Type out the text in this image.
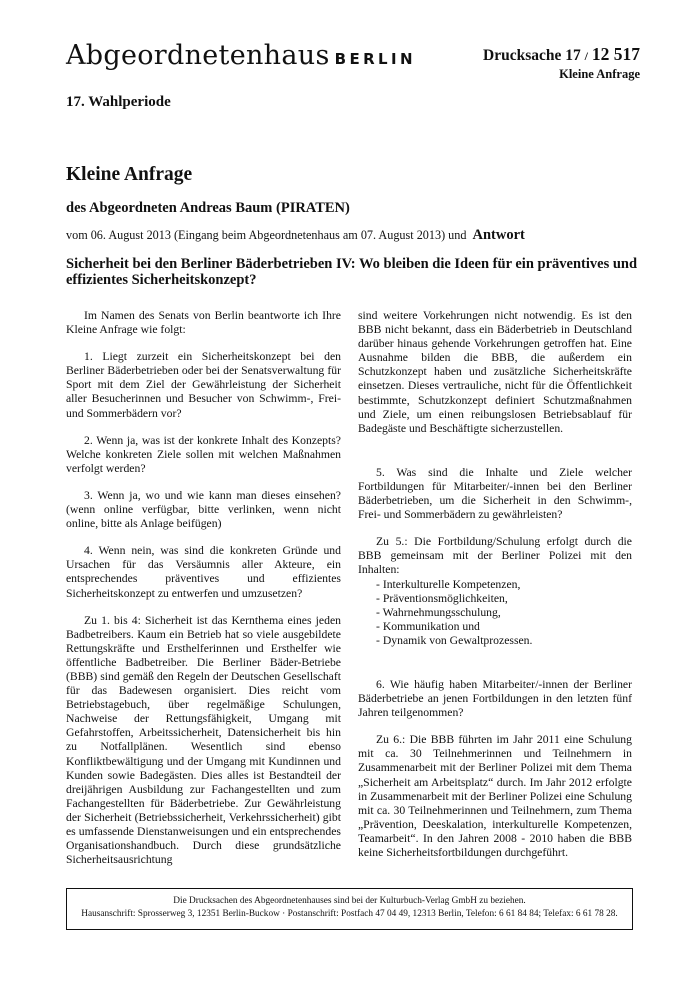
Abgeordnetenhaus BERLIN	Drucksache 17 / 12 517
Kleine Anfrage
17. Wahlperiode
Kleine Anfrage
des Abgeordneten Andreas Baum (PIRATEN)
vom 06. August 2013 (Eingang beim Abgeordnetenhaus am 07. August 2013) und Antwort
Sicherheit bei den Berliner Bäderbetrieben IV: Wo bleiben die Ideen für ein präventives und effizientes Sicherheitskonzept?

Im Namen des Senats von Berlin beantworte ich Ihre Kleine Anfrage wie folgt:

1. Liegt zurzeit ein Sicherheitskonzept bei den Berliner Bäderbetrieben oder bei der Senatsverwaltung für Sport mit dem Ziel der Gewährleistung der Sicherheit aller Besucherinnen und Besucher von Schwimm-, Frei- und Sommerbädern vor?

2. Wenn ja, was ist der konkrete Inhalt des Konzepts? Welche konkreten Ziele sollen mit welchen Maßnahmen verfolgt werden?

3. Wenn ja, wo und wie kann man dieses einsehen? (wenn online verfügbar, bitte verlinken, wenn nicht online, bitte als Anlage beifügen)

4. Wenn nein, was sind die konkreten Gründe und Ursachen für das Versäumnis aller Akteure, ein entsprechendes präventives und effizientes Sicherheitskonzept zu entwerfen und umzusetzen?

Zu 1. bis 4: Sicherheit ist das Kernthema eines jeden Badbetreibers. Kaum ein Betrieb hat so viele ausgebildete Rettungskräfte und Ersthelferinnen und Ersthelfer wie öffentliche Badbetreiber. Die Berliner Bäder-Betriebe (BBB) sind gemäß den Regeln der Deutschen Gesellschaft für das Badewesen organisiert. Dies reicht vom Betriebstagebuch, über regelmäßige Schulungen, Nachweise der Rettungsfähigkeit, Umgang mit Gefahrstoffen, Arbeitssicherheit, Datensicherheit bis hin zu Notfallplänen. Wesentlich sind ebenso Konfliktbewältigung und der Umgang mit Kundinnen und Kunden sowie Badegästen. Dies alles ist Bestandteil der dreijährigen Ausbildung zur Fachangestellten und zum Fachangestellten für Bäderbetriebe. Zur Gewährleistung der Sicherheit (Betriebssicherheit, Verkehrssicherheit) gibt es umfassende Dienstanweisungen und ein entsprechendes Organisationshandbuch. Durch diese grundsätzliche Sicherheitsausrichtung

sind weitere Vorkehrungen nicht notwendig. Es ist den BBB nicht bekannt, dass ein Bäderbetrieb in Deutschland darüber hinaus gehende Vorkehrungen getroffen hat. Eine Ausnahme bilden die BBB, die außerdem ein Schutzkonzept haben und zusätzliche Sicherheitskräfte einsetzen. Dieses vertrauliche, nicht für die Öffentlichkeit bestimmte, Schutzkonzept definiert Schutzmaßnahmen und Ziele, um einen reibungslosen Betriebsablauf für Badegäste und Beschäftigte sicherzustellen.

5. Was sind die Inhalte und Ziele welcher Fortbildungen für Mitarbeiter/-innen bei den Berliner Bäderbetrieben, um die Sicherheit in den Schwimm-, Frei- und Sommerbädern zu gewährleisten?

Zu 5.: Die Fortbildung/Schulung erfolgt durch die BBB gemeinsam mit der Berliner Polizei mit den Inhalten:

- Interkulturelle Kompetenzen,
- Präventionsmöglichkeiten,
- Wahrnehmungsschulung,
- Kommunikation und
- Dynamik von Gewaltprozessen.

6. Wie häufig haben Mitarbeiter/-innen der Berliner Bäderbetriebe an jenen Fortbildungen in den letzten fünf Jahren teilgenommen?

Zu 6.: Die BBB führten im Jahr 2011 eine Schulung mit ca. 30 Teilnehmerinnen und Teilnehmern in Zusammenarbeit mit der Berliner Polizei mit dem Thema „Sicherheit am Arbeitsplatz“ durch. Im Jahr 2012 erfolgte in Zusammenarbeit mit der Berliner Polizei eine Schulung mit ca. 30 Teilnehmerinnen und Teilnehmern, zum Thema „Prävention, Deeskalation, interkulturelle Kompetenzen, Teamarbeit“. In den Jahren 2008 - 2010 haben die BBB keine Sicherheitsfortbildungen durchgeführt.

Die Drucksachen des Abgeordnetenhauses sind bei der Kulturbuch-Verlag GmbH zu beziehen.
Hausanschrift: Sprosserweg 3, 12351 Berlin-Buckow · Postanschrift: Postfach 47 04 49, 12313 Berlin, Telefon: 6 61 84 84; Telefax: 6 61 78 28.
